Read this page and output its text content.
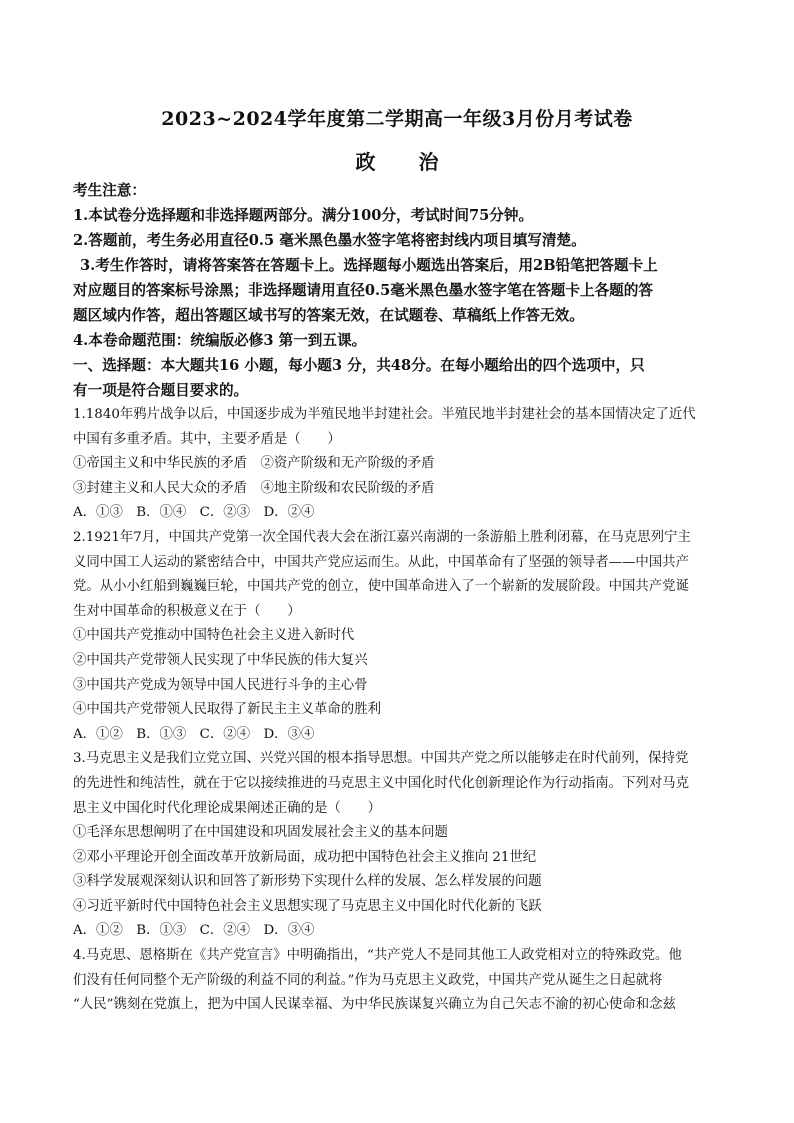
2023~2024学年度第二学期高一年级3月份月考试卷
政 治
考生注意：
1.本试卷分选择题和非选择题两部分。满分100分，考试时间75分钟。
2.答题前，考生务必用直径0.5 毫米黑色墨水签字笔将密封线内项目填写清楚。
3.考生作答时，请将答案答在答题卡上。选择题每小题选出答案后，用2B铅笔把答题卡上
对应题目的答案标号涂黑；非选择题请用直径0.5毫米黑色墨水签字笔在答题卡上各题的答
题区域内作答，超出答题区域书写的答案无效，在试题卷、草稿纸上作答无效。
4.本卷命题范围：统编版必修3 第一到五课。
一、选择题：本大题共16 小题，每小题3 分，共48分。在每小题给出的四个选项中，只
有一项是符合题目要求的。
1.1840年鸦片战争以后，中国逐步成为半殖民地半封建社会。半殖民地半封建社会的基本国情决定了近代
中国有多重矛盾。其中，主要矛盾是（　　）
①帝国主义和中华民族的矛盾　②资产阶级和无产阶级的矛盾
③封建主义和人民大众的矛盾　④地主阶级和农民阶级的矛盾
A．①③　B．①④　C．②③　D．②④
2.1921年7月，中国共产党第一次全国代表大会在浙江嘉兴南湖的一条游船上胜利闭幕，在马克思列宁主
义同中国工人运动的紧密结合中，中国共产党应运而生。从此，中国革命有了坚强的领导者——中国共产
党。从小小红船到巍巍巨轮，中国共产党的创立，使中国革命进入了一个崭新的发展阶段。中国共产党诞
生对中国革命的积极意义在于（　　）
①中国共产党推动中国特色社会主义进入新时代
②中国共产党带领人民实现了中华民族的伟大复兴
③中国共产党成为领导中国人民进行斗争的主心骨
④中国共产党带领人民取得了新民主主义革命的胜利
A．①②　B．①③　C．②④　D．③④
3.马克思主义是我们立党立国、兴党兴国的根本指导思想。中国共产党之所以能够走在时代前列，保持党
的先进性和纯洁性，就在于它以接续推进的马克思主义中国化时代化创新理论作为行动指南。下列对马克
思主义中国化时代化理论成果阐述正确的是（　　）
①毛泽东思想阐明了在中国建设和巩固发展社会主义的基本问题
②邓小平理论开创全面改革开放新局面，成功把中国特色社会主义推向 21世纪
③科学发展观深刻认识和回答了新形势下实现什么样的发展、怎么样发展的问题
④习近平新时代中国特色社会主义思想实现了马克思主义中国化时代化新的飞跃
A．①②　B．①③　C．②④　D．③④
4.马克思、恩格斯在《共产党宣言》中明确指出，“共产党人不是同其他工人政党相对立的特殊政党。他
们没有任何同整个无产阶级的利益不同的利益。”作为马克思主义政党，中国共产党从诞生之日起就将
“人民”镌刻在党旗上，把为中国人民谋幸福、为中华民族谋复兴确立为自己矢志不渝的初心使命和念兹
